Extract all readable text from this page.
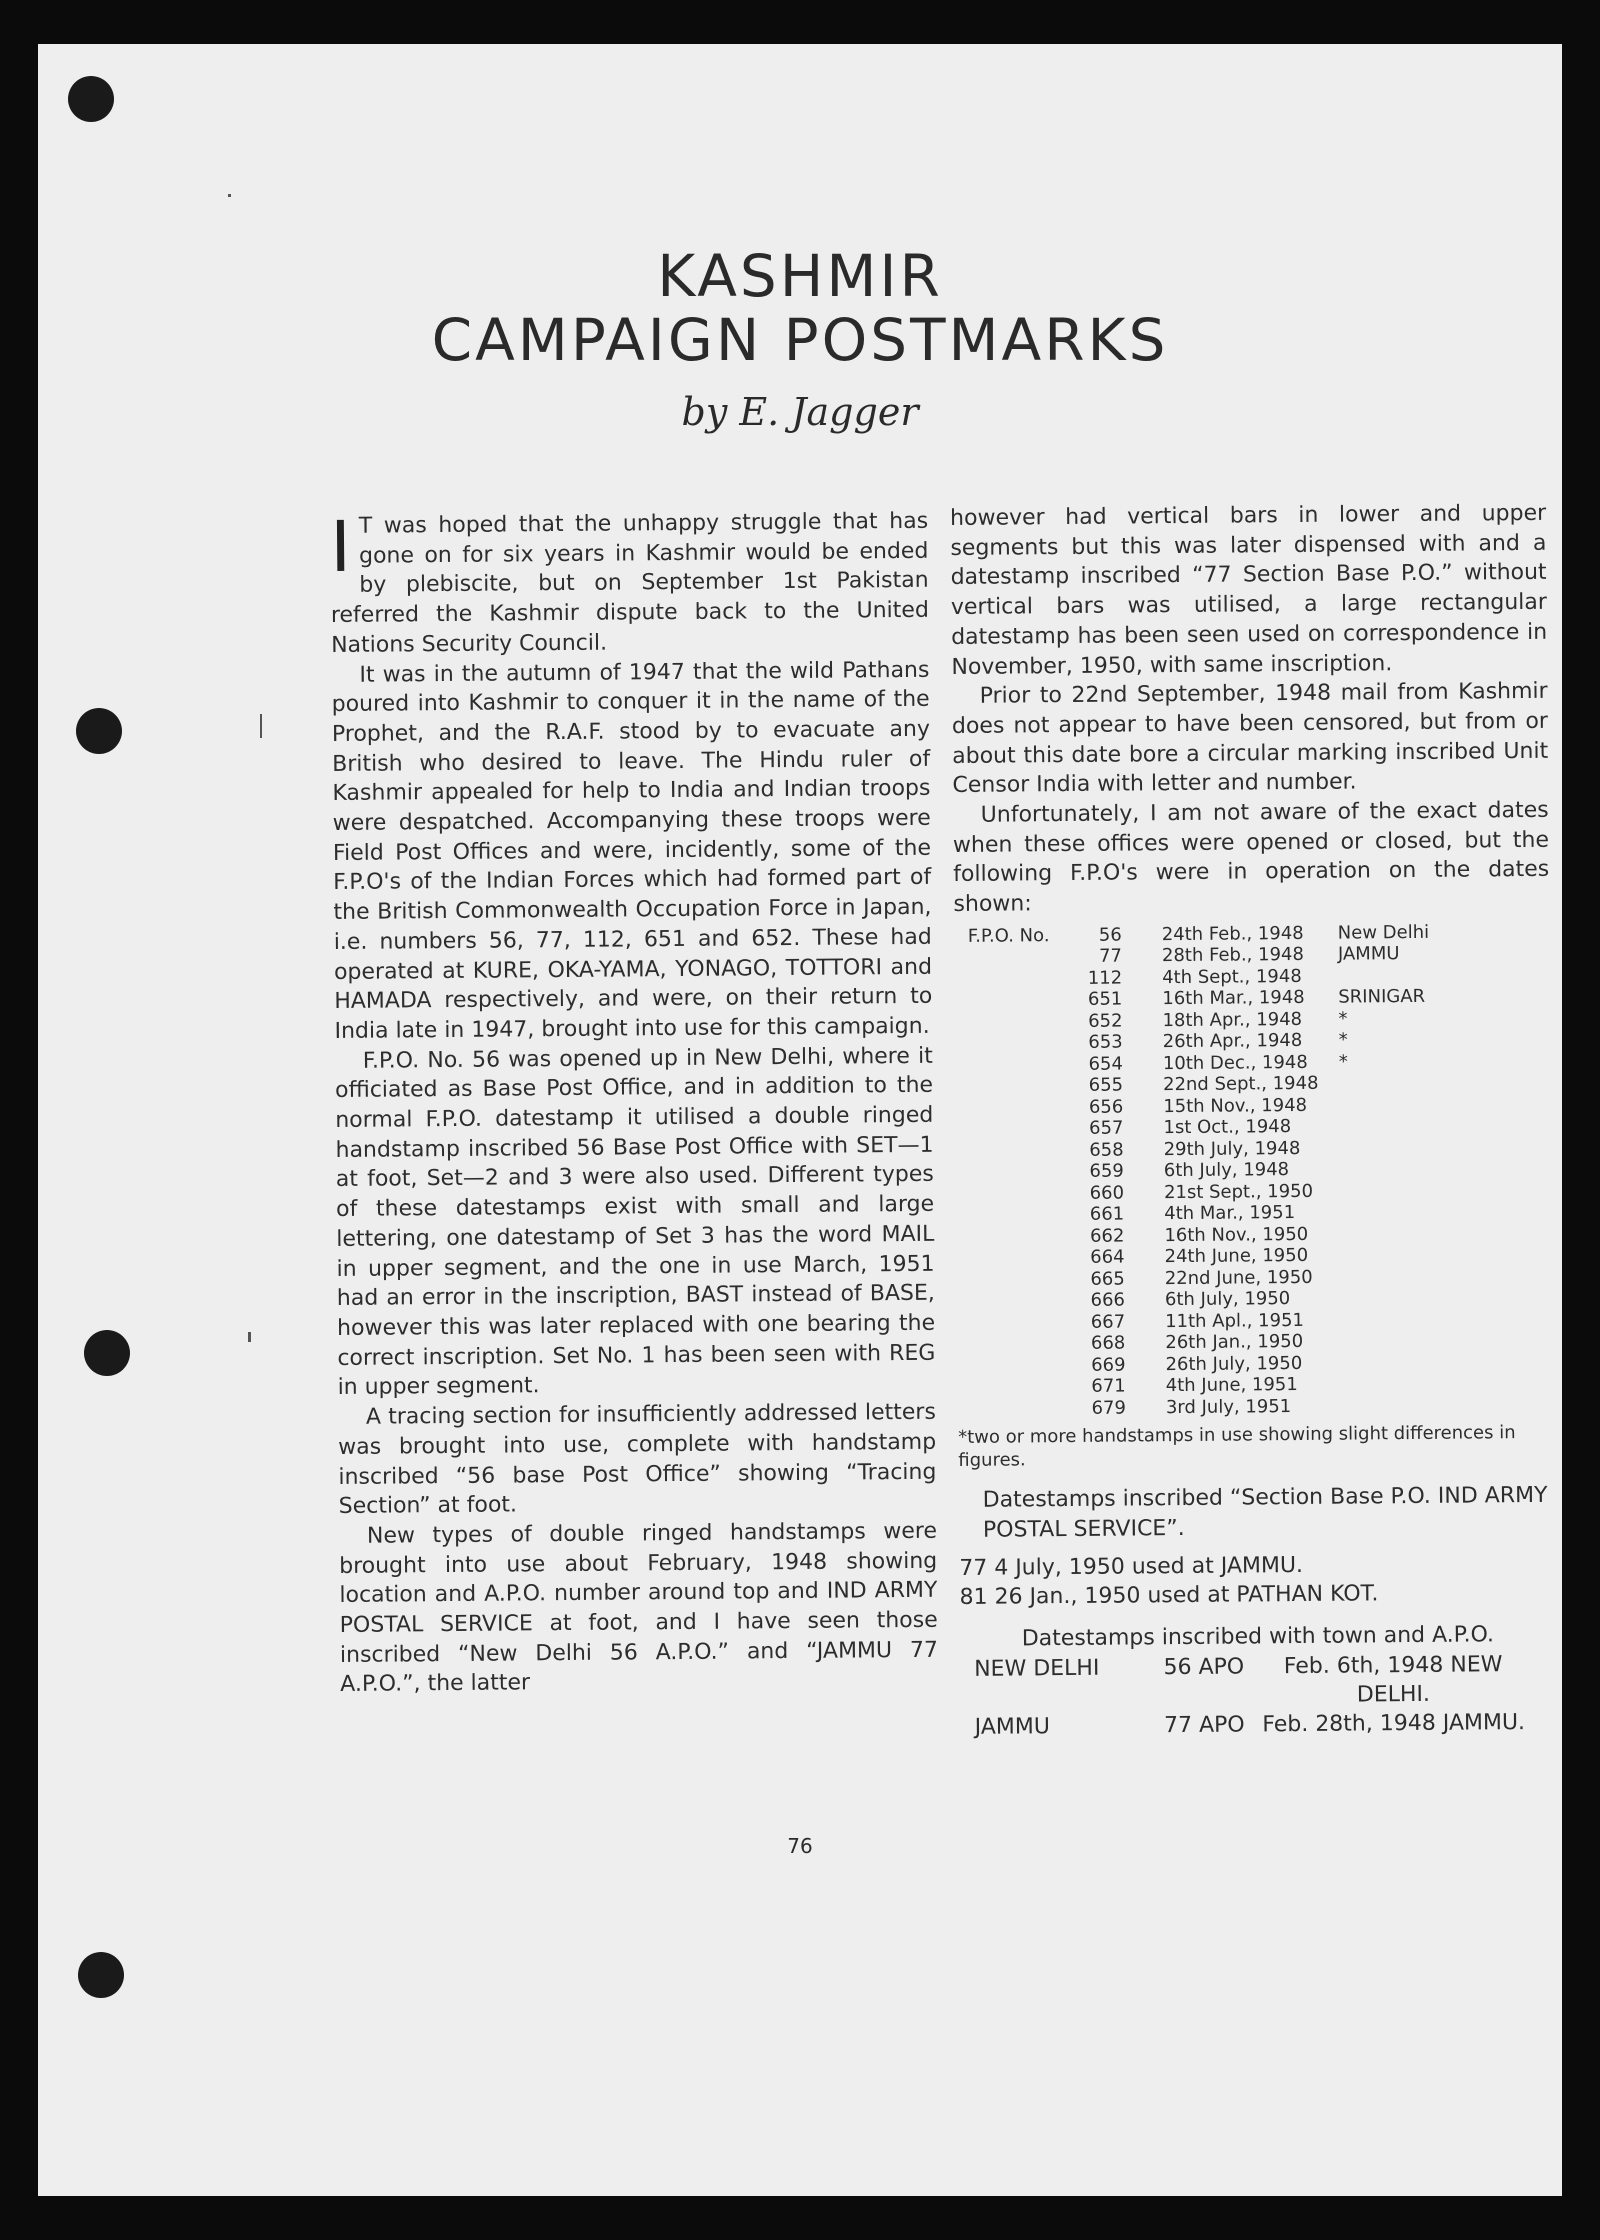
KASHMIR
CAMPAIGN POSTMARKS
by E. Jagger

I T was hoped that the unhappy struggle that has gone on for six years in Kashmir would be ended by plebiscite, but on September 1st Pakistan referred the Kashmir dispute back to the United Nations Security Council.

It was in the autumn of 1947 that the wild Pathans poured into Kashmir to conquer it in the name of the Prophet, and the R.A.F. stood by to evacuate any British who desired to leave. The Hindu ruler of Kashmir appealed for help to India and Indian troops were despatched. Accompanying these troops were Field Post Offices and were, incidently, some of the F.P.O's of the Indian Forces which had formed part of the British Commonwealth Occupation Force in Japan, i.e. numbers 56, 77, 112, 651 and 652. These had operated at KURE, OKA-YAMA, YONAGO, TOTTORI and HAMADA respectively, and were, on their return to India late in 1947, brought into use for this campaign.

F.P.O. No. 56 was opened up in New Delhi, where it officiated as Base Post Office, and in addition to the normal F.P.O. datestamp it utilised a double ringed handstamp inscribed 56 Base Post Office with SET—1 at foot, Set—2 and 3 were also used. Different types of these datestamps exist with small and large lettering, one datestamp of Set 3 has the word MAIL in upper segment, and the one in use March, 1951 had an error in the inscription, BAST instead of BASE, however this was later replaced with one bearing the correct inscription. Set No. 1 has been seen with REG in upper segment.

A tracing section for insufficiently addressed letters was brought into use, complete with handstamp inscribed “56 base Post Office” showing “Tracing Section” at foot.

New types of double ringed handstamps were brought into use about February, 1948 showing location and A.P.O. number around top and IND ARMY POSTAL SERVICE at foot, and I have seen those inscribed “New Delhi 56 A.P.O.” and “JAMMU 77 A.P.O.”, the latter

however had vertical bars in lower and upper segments but this was later dispensed with and a datestamp inscribed “77 Section Base P.O.” without vertical bars was utilised, a large rectangular datestamp has been seen used on correspondence in November, 1950, with same inscription.

Prior to 22nd September, 1948 mail from Kashmir does not appear to have been censored, but from or about this date bore a circular marking inscribed Unit Censor India with letter and number.

Unfortunately, I am not aware of the exact dates when these offices were opened or closed, but the following F.P.O's were in operation on the dates shown:

F.P.O. No.	56	24th Feb., 1948	New Delhi
	77	28th Feb., 1948	JAMMU
	112	4th Sept., 1948	
	651	16th Mar., 1948	SRINIGAR
	652	18th Apr., 1948	*
	653	26th Apr., 1948	*
	654	10th Dec., 1948	*
	655	22nd Sept., 1948	
	656	15th Nov., 1948	
	657	1st Oct., 1948	
	658	29th July, 1948	
	659	6th July, 1948	
	660	21st Sept., 1950	
	661	4th Mar., 1951	
	662	16th Nov., 1950	
	664	24th June, 1950	
	665	22nd June, 1950	
	666	6th July, 1950	
	667	11th Apl., 1951	
	668	26th Jan., 1950	
	669	26th July, 1950	
	671	4th June, 1951	
	679	3rd July, 1951	
*two or more handstamps in use showing slight differences in figures.

Datestamps inscribed “Section Base P.O. IND ARMY POSTAL SERVICE”.

77 4 July, 1950 used at JAMMU.

81 26 Jan., 1950 used at PATHAN KOT.

Datestamps inscribed with town and A.P.O.

NEW DELHI	56 APO	Feb. 6th, 1948 NEW DELHI.
JAMMU	77 APO	Feb. 28th, 1948 JAMMU.
76
